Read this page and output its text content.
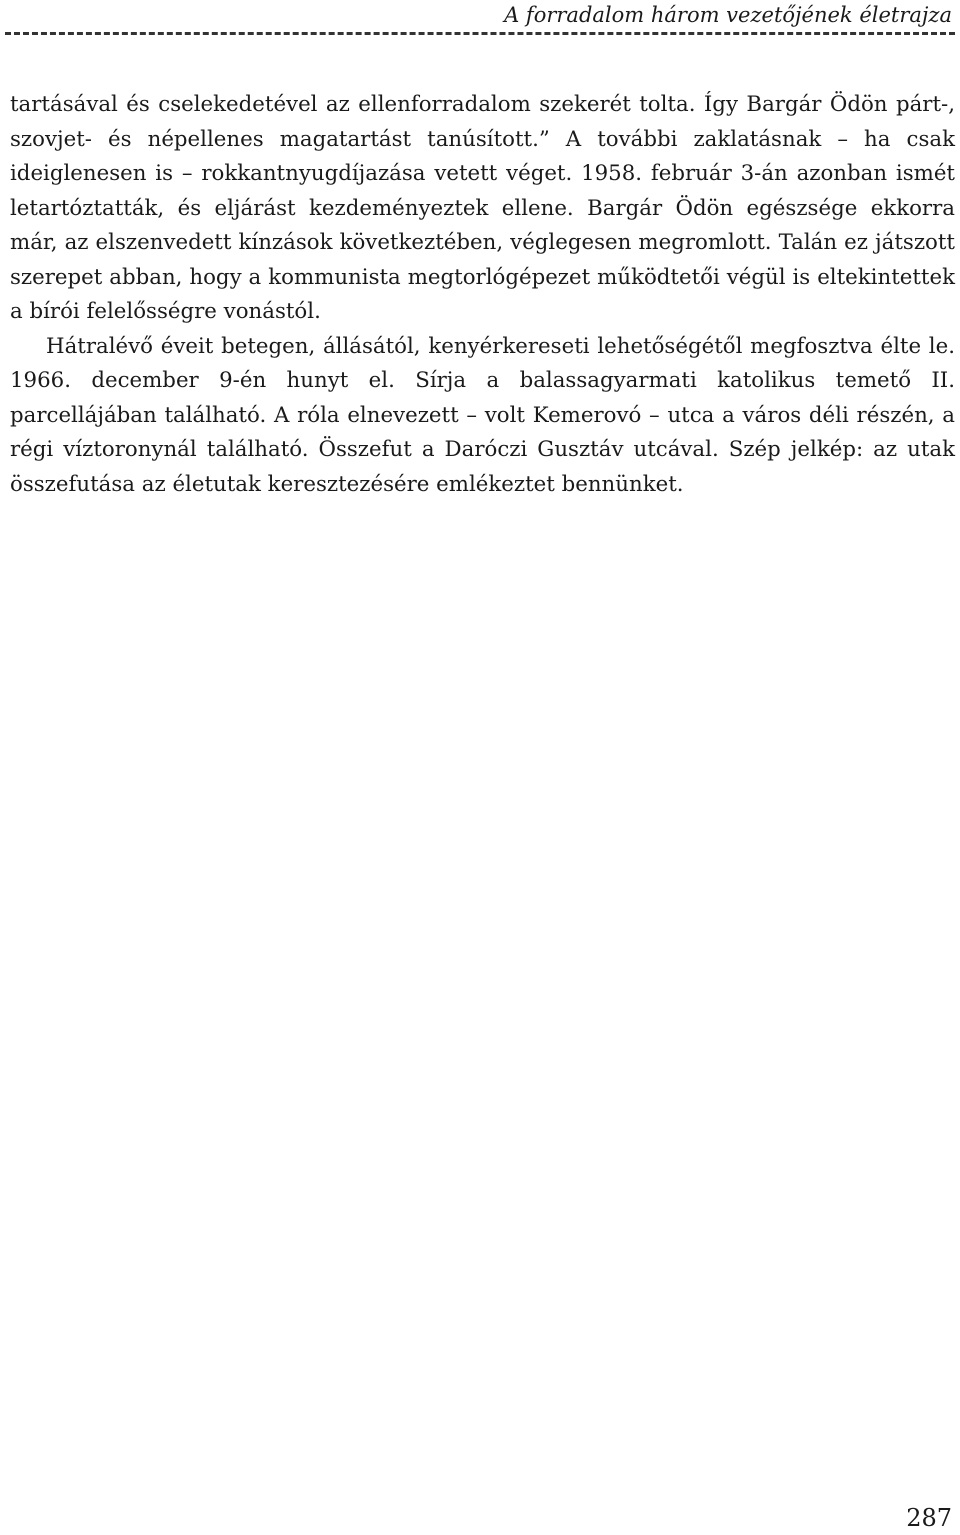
A forradalom három vezetőjének életrajza

tartásával és cselekedetével az ellenforradalom szekerét tolta. Így Bargár Ödön párt-, szovjet- és népellenes magatartást tanúsított.” A további zaklatásnak – ha csak ideiglenesen is – rokkantnyugdíjazása vetett véget. 1958. február 3-án azonban ismét letartóztatták, és eljárást kezdeményeztek ellene. Bargár Ödön egészsége ekkorra már, az elszenvedett kínzások következtében, véglegesen megromlott. Talán ez játszott szerepet abban, hogy a kommunista megtorlógépezet működtetői végül is eltekintettek a bírói felelősségre vonástól.

Hátralévő éveit betegen, állásától, kenyérkereseti lehetőségétől megfosztva élte le. 1966. december 9-én hunyt el. Sírja a balassagyarmati katolikus temető II. parcellájában található. A róla elnevezett – volt Kemerovó – utca a város déli részén, a régi víztoronynál található. Összefut a Daróczi Gusztáv utcával. Szép jelkép: az utak összefutása az életutak keresztezésére emlékeztet bennünket.

287
